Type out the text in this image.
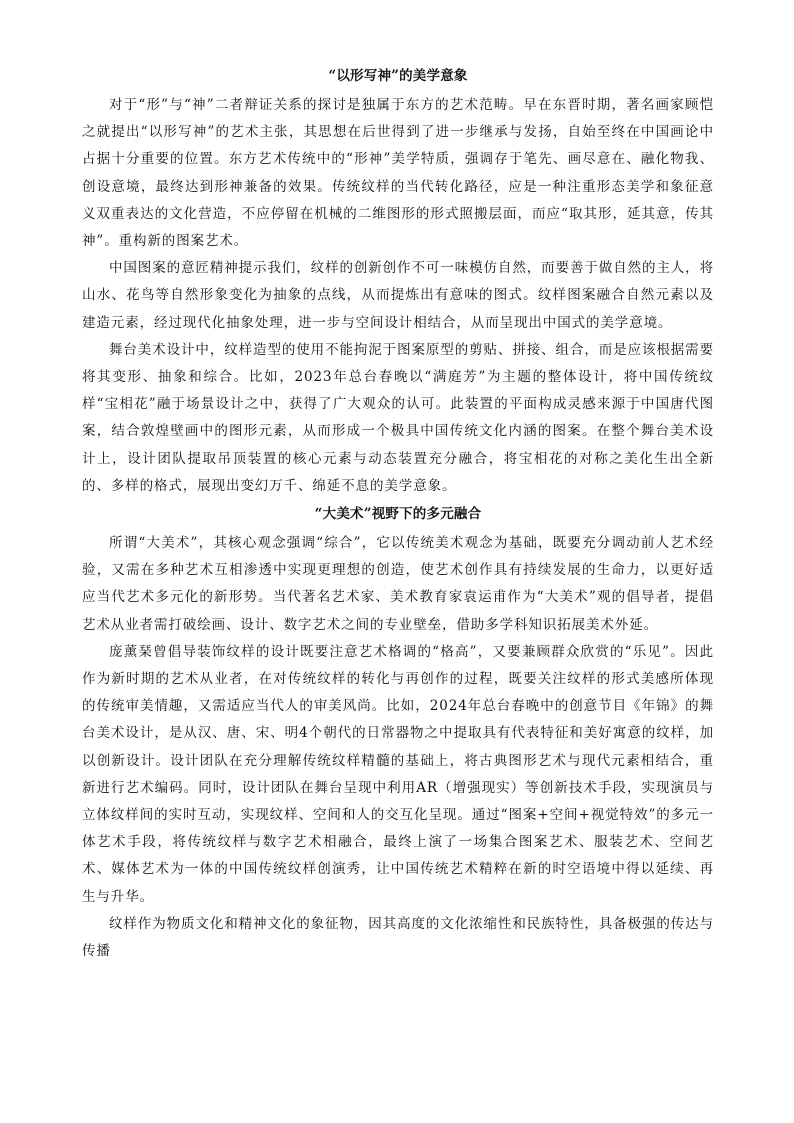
“以形写神”的美学意象

对于“形”与“神”二者辩证关系的探讨是独属于东方的艺术范畴。早在东晋时期，著名画家顾恺之就提出“以形写神”的艺术主张，其思想在后世得到了进一步继承与发扬，自始至终在中国画论中占据十分重要的位置。东方艺术传统中的“形神”美学特质，强调存于笔先、画尽意在、融化物我、创设意境，最终达到形神兼备的效果。传统纹样的当代转化路径，应是一种注重形态美学和象征意义双重表达的文化营造，不应停留在机械的二维图形的形式照搬层面，而应“取其形，延其意，传其神”。重构新的图案艺术。

中国图案的意匠精神提示我们，纹样的创新创作不可一味模仿自然，而要善于做自然的主人，将山水、花鸟等自然形象变化为抽象的点线，从而提炼出有意味的图式。纹样图案融合自然元素以及建造元素，经过现代化抽象处理，进一步与空间设计相结合，从而呈现出中国式的美学意境。

舞台美术设计中，纹样造型的使用不能拘泥于图案原型的剪贴、拼接、组合，而是应该根据需要将其变形、抽象和综合。比如，2023年总台春晚以“满庭芳”为主题的整体设计，将中国传统纹样“宝相花”融于场景设计之中，获得了广大观众的认可。此装置的平面构成灵感来源于中国唐代图案，结合敦煌壁画中的图形元素，从而形成一个极具中国传统文化内涵的图案。在整个舞台美术设计上，设计团队提取吊顶装置的核心元素与动态装置充分融合，将宝相花的对称之美化生出全新的、多样的格式，展现出变幻万千、绵延不息的美学意象。

“大美术”视野下的多元融合

所谓“大美术”，其核心观念强调“综合”，它以传统美术观念为基础，既要充分调动前人艺术经验，又需在多种艺术互相渗透中实现更理想的创造，使艺术创作具有持续发展的生命力，以更好适应当代艺术多元化的新形势。当代著名艺术家、美术教育家袁运甫作为“大美术”观的倡导者，提倡艺术从业者需打破绘画、设计、数字艺术之间的专业壁垒，借助多学科知识拓展美术外延。

庞薰琹曾倡导装饰纹样的设计既要注意艺术格调的“格高”，又要兼顾群众欣赏的“乐见”。因此作为新时期的艺术从业者，在对传统纹样的转化与再创作的过程，既要关注纹样的形式美感所体现的传统审美情趣，又需适应当代人的审美风尚。比如，2024年总台春晚中的创意节目《年锦》的舞台美术设计，是从汉、唐、宋、明4个朝代的日常器物之中提取具有代表特征和美好寓意的纹样，加以创新设计。设计团队在充分理解传统纹样精髓的基础上，将古典图形艺术与现代元素相结合，重新进行艺术编码。同时，设计团队在舞台呈现中利用AR（增强现实）等创新技术手段，实现演员与立体纹样间的实时互动，实现纹样、空间和人的交互化呈现。通过“图案+空间+视觉特效”的多元一体艺术手段，将传统纹样与数字艺术相融合，最终上演了一场集合图案艺术、服装艺术、空间艺术、媒体艺术为一体的中国传统纹样创演秀，让中国传统艺术精粹在新的时空语境中得以延续、再生与升华。

纹样作为物质文化和精神文化的象征物，因其高度的文化浓缩性和民族特性，具备极强的传达与传播
